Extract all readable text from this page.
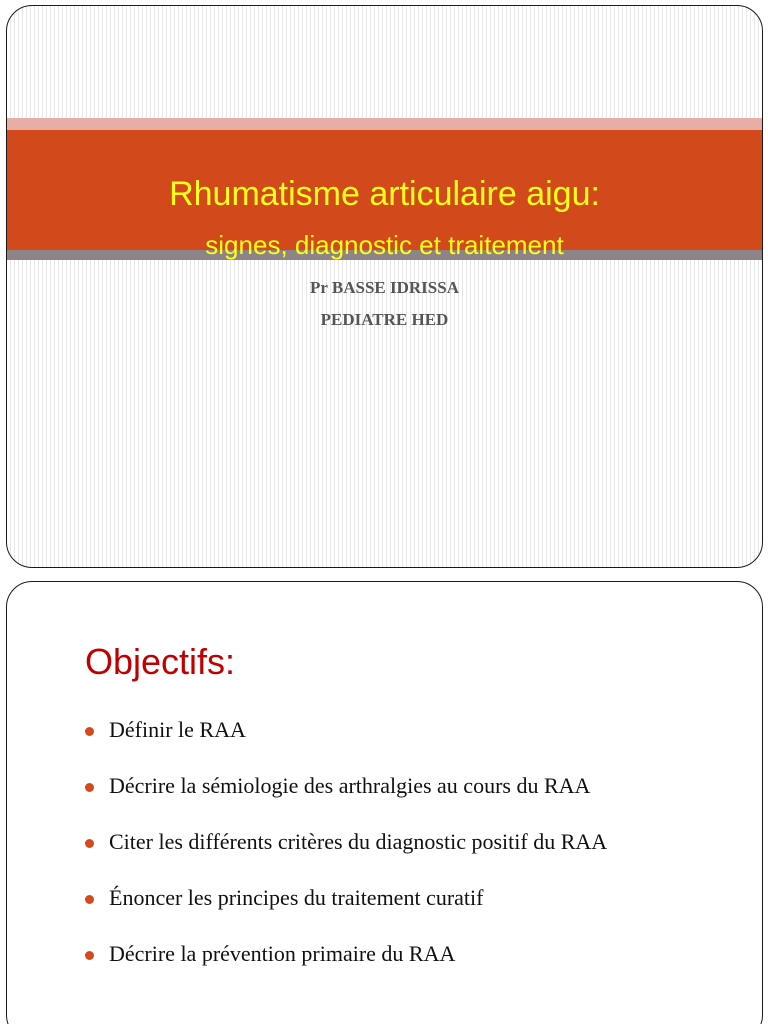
Rhumatisme articulaire aigu:
signes, diagnostic et traitement
Pr BASSE IDRISSA
PEDIATRE HED
Objectifs:
Définir le RAA
Décrire la sémiologie des arthralgies au cours du RAA
Citer les différents critères du diagnostic positif du RAA
Énoncer les principes du traitement curatif
Décrire la prévention primaire du RAA
